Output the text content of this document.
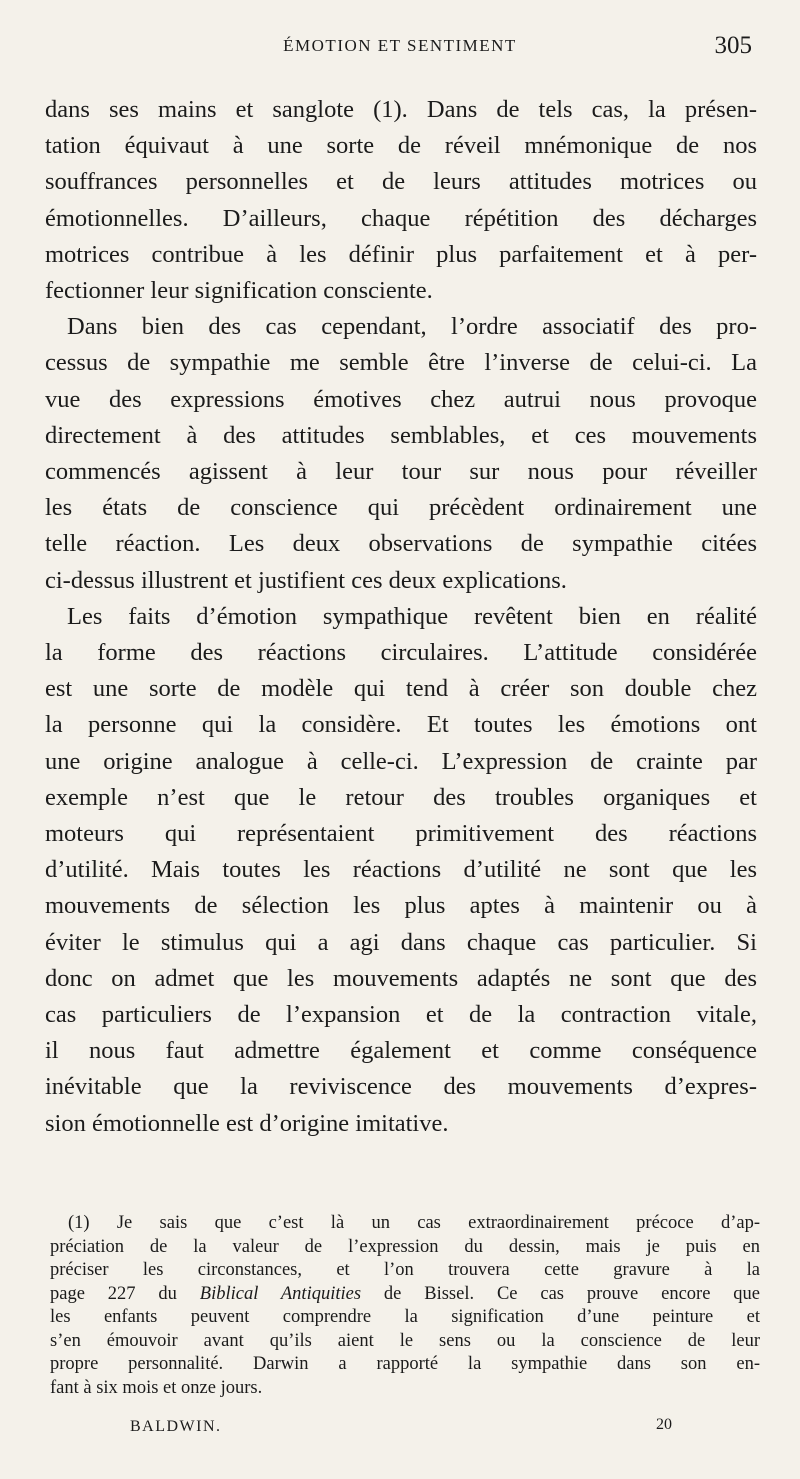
ÉMOTION ET SENTIMENT	305
dans ses mains et sanglote (1). Dans de tels cas, la présen-
tation équivaut à une sorte de réveil mnémonique de nos
souffrances personnelles et de leurs attitudes motrices ou
émotionnelles. D’ailleurs, chaque répétition des décharges
motrices contribue à les définir plus parfaitement et à per-
fectionner leur signification consciente.
Dans bien des cas cependant, l’ordre associatif des pro-
cessus de sympathie me semble être l’inverse de celui-ci. La
vue des expressions émotives chez autrui nous provoque
directement à des attitudes semblables, et ces mouvements
commencés agissent à leur tour sur nous pour réveiller
les états de conscience qui précèdent ordinairement une
telle réaction. Les deux observations de sympathie citées
ci-dessus illustrent et justifient ces deux explications.
Les faits d’émotion sympathique revêtent bien en réalité
la forme des réactions circulaires. L’attitude considérée
est une sorte de modèle qui tend à créer son double chez
la personne qui la considère. Et toutes les émotions ont
une origine analogue à celle-ci. L’expression de crainte par
exemple n’est que le retour des troubles organiques et
moteurs qui représentaient primitivement des réactions
d’utilité. Mais toutes les réactions d’utilité ne sont que les
mouvements de sélection les plus aptes à maintenir ou à
éviter le stimulus qui a agi dans chaque cas particulier. Si
donc on admet que les mouvements adaptés ne sont que des
cas particuliers de l’expansion et de la contraction vitale,
il nous faut admettre également et comme conséquence
inévitable que la reviviscence des mouvements d’expres-
sion émotionnelle est d’origine imitative.
(1) Je sais que c’est là un cas extraordinairement précoce d’ap-
préciation de la valeur de l’expression du dessin, mais je puis en
préciser les circonstances, et l’on trouvera cette gravure à la
page 227 du Biblical Antiquities de Bissel. Ce cas prouve encore que
les enfants peuvent comprendre la signification d’une peinture et
s’en émouvoir avant qu’ils aient le sens ou la conscience de leur
propre personnalité. Darwin a rapporté la sympathie dans son en-
fant à six mois et onze jours.
BALDWIN.	20
